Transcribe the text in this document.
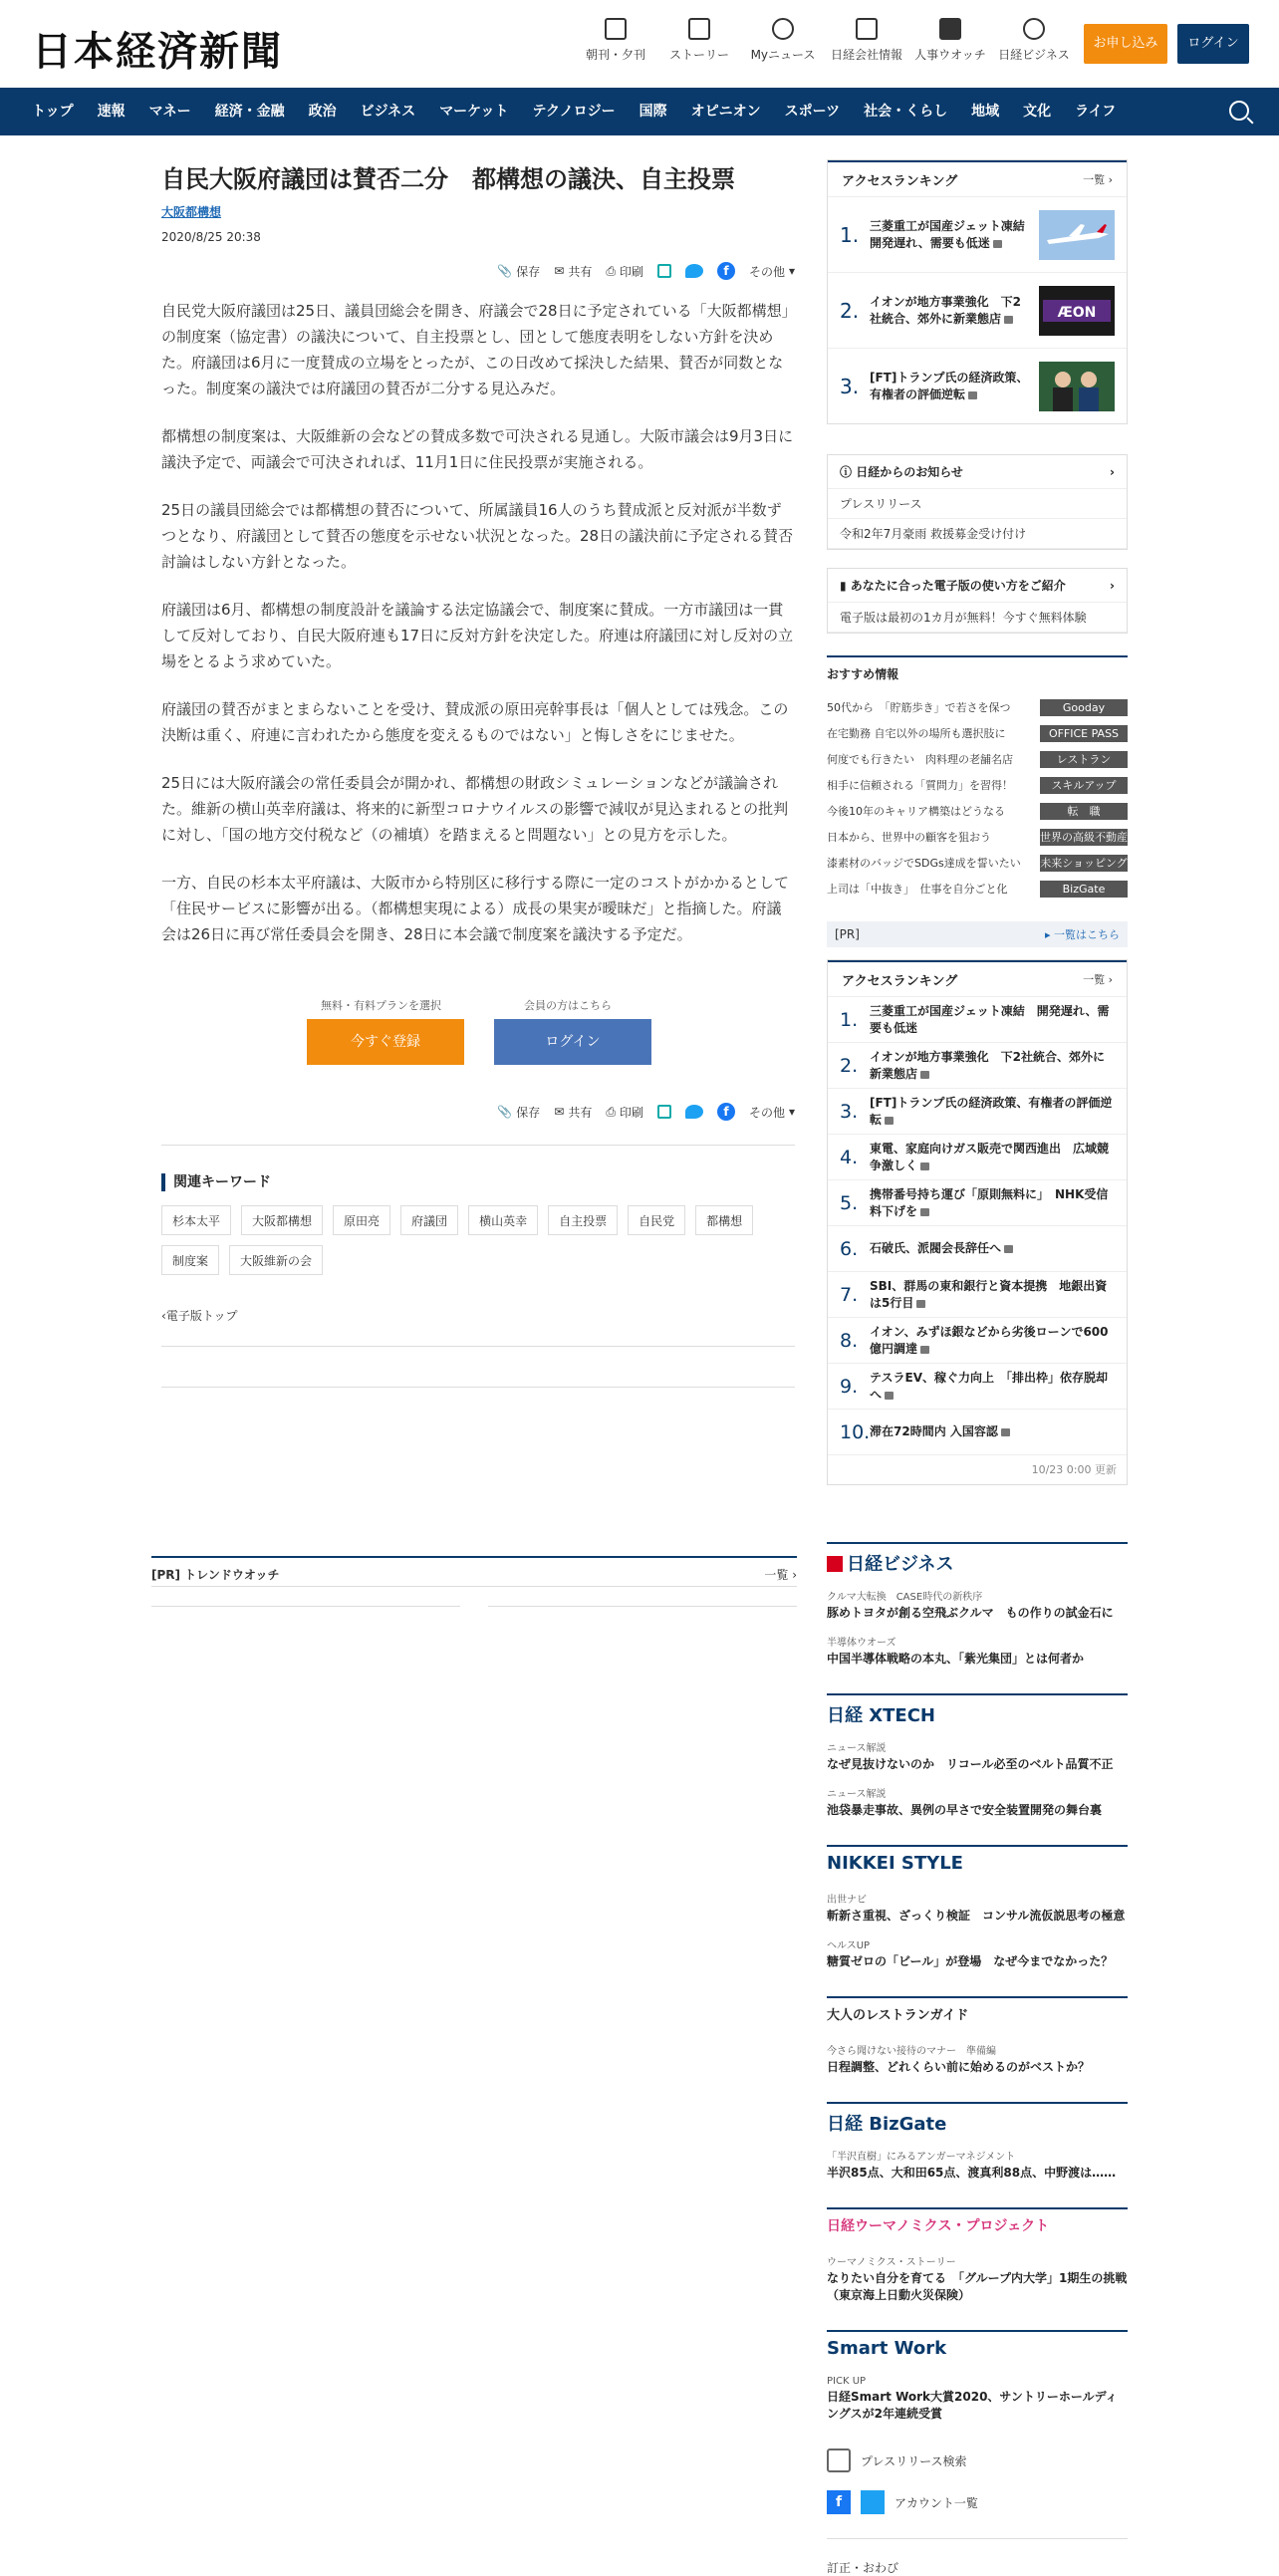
日本経済新聞	朝刊・夕刊	ストーリー	Myニュース	日経会社情報	人事ウオッチ	日経ビジネス
お申し込み	ログイン
トップ	速報	マネー	経済・金融	政治	ビジネス	マーケット	テクノロジー	国際	オピニオン	スポーツ	社会・くらし	地域	文化	ライフ
自民大阪府議団は賛否二分　都構想の議決、自主投票
大阪都構想
2020/8/25 20:38
📎 保存 ✉ 共有 ⎙ 印刷	f	その他 ▾

自民党大阪府議団は25日、議員団総会を開き、府議会で28日に予定されている「大阪都構想」の制度案（協定書）の議決について、自主投票とし、団として態度表明をしない方針を決めた。府議団は6月に一度賛成の立場をとったが、この日改めて採決した結果、賛否が同数となった。制度案の議決では府議団の賛否が二分する見込みだ。

都構想の制度案は、大阪維新の会などの賛成多数で可決される見通し。大阪市議会は9月3日に議決予定で、両議会で可決されれば、11月1日に住民投票が実施される。

25日の議員団総会では都構想の賛否について、所属議員16人のうち賛成派と反対派が半数ずつとなり、府議団として賛否の態度を示せない状況となった。28日の議決前に予定される賛否討論はしない方針となった。

府議団は6月、都構想の制度設計を議論する法定協議会で、制度案に賛成。一方市議団は一貫して反対しており、自民大阪府連も17日に反対方針を決定した。府連は府議団に対し反対の立場をとるよう求めていた。

府議団の賛否がまとまらないことを受け、賛成派の原田亮幹事長は「個人としては残念。この決断は重く、府連に言われたから態度を変えるものではない」と悔しさをにじませた。

25日には大阪府議会の常任委員会が開かれ、都構想の財政シミュレーションなどが議論された。維新の横山英幸府議は、将来的に新型コロナウイルスの影響で減収が見込まれるとの批判に対し、「国の地方交付税など（の補填）を踏まえると問題ない」との見方を示した。

一方、自民の杉本太平府議は、大阪市から特別区に移行する際に一定のコストがかかるとして「住民サービスに影響が出る。（都構想実現による）成長の果実が曖昧だ」と指摘した。府議会は26日に再び常任委員会を開き、28日に本会議で制度案を議決する予定だ。

無料・有料プランを選択	会員の方はこちら
今すぐ登録	ログイン
📎 保存 ✉ 共有 ⎙ 印刷	f	その他 ▾
関連キーワード
杉本太平	大阪都構想	原田亮	府議団	横山英幸	自主投票	自民党	都構想
制度案	大阪維新の会
‹電子版トップ
[PR] トレンドウオッチ	一覧 ›
アクセスランキング	一覧 ›
1. 三菱重工が国産ジェット凍結　開発遅れ、需要も低迷
2. イオンが地方事業強化　下2社統合、郊外に新業態店	ÆON
3. [FT]トランプ氏の経済政策、有権者の評価逆転
ⓘ 日経からのお知らせ	›
プレスリリース
令和2年7月豪雨 救援募金受け付け
▮ あなたに合った電子版の使い方をご紹介	›
電子版は最初の1カ月が無料！今すぐ無料体験
おすすめ情報
50代から　「貯筋歩き」で若さを保つ	Gooday
在宅勤務 自宅以外の場所も選択肢に	OFFICE PASS
何度でも行きたい　肉料理の老舗名店	レストラン
相手に信頼される「質問力」を習得！	スキルアップ
今後10年のキャリア構築はどうなる	転　職
日本から、世界中の顧客を狙おう	世界の高級不動産
漆素材のバッジでSDGs達成を誓いたい 未来ショッピング
上司は「中抜き」　仕事を自分ごと化	BizGate
[PR]	▸ 一覧はこちら
アクセスランキング	一覧 ›
1. 三菱重工が国産ジェット凍結　開発遅れ、需要も低迷
2. イオンが地方事業強化　下2社統合、郊外に新業態店
3. [FT]トランプ氏の経済政策、有権者の評価逆転
4. 東電、家庭向けガス販売で関西進出　広域競争激しく
5. 携帯番号持ち運び「原則無料に」　NHK受信料下げを
6. 石破氏、派閥会長辞任へ
7. SBI、群馬の東和銀行と資本提携　地銀出資は5行目
8. イオン、みずほ銀などから劣後ローンで600億円調達
9. テスラEV、稼ぐ力向上　「排出枠」依存脱却へ
10. 滞在72時間内 入国容認
10/23 0:00 更新
日経ビジネス
クルマ大転換　CASE時代の新秩序
豚めトヨタが創る空飛ぶクルマ　もの作りの試金石に
半導体ウオーズ
中国半導体戦略の本丸、「紫光集団」とは何者か
日経 XTECH
ニュース解説
なぜ見抜けないのか　リコール必至のベルト品質不正
ニュース解説
池袋暴走事故、異例の早さで安全装置開発の舞台裏
NIKKEI STYLE
出世ナビ
斬新さ重視、ざっくり検証　コンサル流仮説思考の極意
ヘルスUP
糖質ゼロの「ビール」が登場　なぜ今までなかった？
大人のレストランガイド
今さら聞けない接待のマナー　準備編
日程調整、どれくらい前に始めるのがベストか？
日経 BizGate
「半沢直樹」にみるアンガーマネジメント
半沢85点、大和田65点、渡真利88点、中野渡は……
日経ウーマノミクス・プロジェクト
ウーマノミクス・ストーリー
なりたい自分を育てる　「グループ内大学」1期生の挑戦（東京海上日動火災保険）
Smart Work
PICK UP
日経Smart Work大賞2020、サントリーホールディングスが2年連続受賞
プレスリリース検索
f	アカウント一覧
訂正・おわび
